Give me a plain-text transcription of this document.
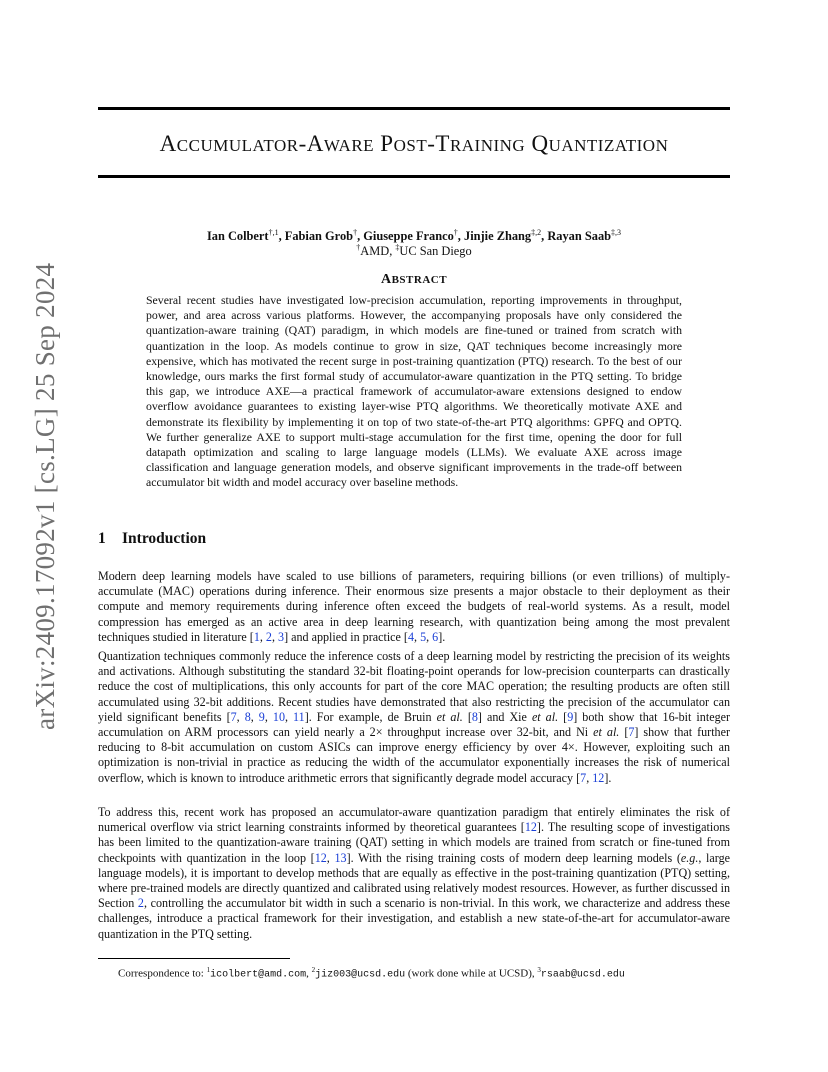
ACCUMULATOR-AWARE POST-TRAINING QUANTIZATION
Ian Colbert$^{\dagger,1}$, Fabian Grob†, Giuseppe Franco†, Jinjie Zhang$^{\ddagger,2}$, Rayan Saab$^{\ddagger,3}$
†AMD, ‡UC San Diego
ABSTRACT
Several recent studies have investigated low-precision accumulation, reporting improvements in throughput, power, and area across various platforms. However, the accompanying proposals have only considered the quantization-aware training (QAT) paradigm, in which models are fine-tuned or trained from scratch with quantization in the loop. As models continue to grow in size, QAT techniques become increasingly more expensive, which has motivated the recent surge in post-training quantization (PTQ) research. To the best of our knowledge, ours marks the first formal study of accumulator-aware quantization in the PTQ setting. To bridge this gap, we introduce AXE—a practical framework of accumulator-aware extensions designed to endow overflow avoidance guarantees to existing layer-wise PTQ algorithms. We theoretically motivate AXE and demonstrate its flexibility by implementing it on top of two state-of-the-art PTQ algorithms: GPFQ and OPTQ. We further generalize AXE to support multi-stage accumulation for the first time, opening the door for full datapath optimization and scaling to large language models (LLMs). We evaluate AXE across image classification and language generation models, and observe significant improvements in the trade-off between accumulator bit width and model accuracy over baseline methods.
1 Introduction
Modern deep learning models have scaled to use billions of parameters, requiring billions (or even trillions) of multiply-accumulate (MAC) operations during inference. Their enormous size presents a major obstacle to their deployment as their compute and memory requirements during inference often exceed the budgets of real-world systems. As a result, model compression has emerged as an active area in deep learning research, with quantization being among the most prevalent techniques studied in literature [1, 2, 3] and applied in practice [4, 5, 6].
Quantization techniques commonly reduce the inference costs of a deep learning model by restricting the precision of its weights and activations. Although substituting the standard 32-bit floating-point operands for low-precision counterparts can drastically reduce the cost of multiplications, this only accounts for part of the core MAC operation; the resulting products are often still accumulated using 32-bit additions. Recent studies have demonstrated that also restricting the precision of the accumulator can yield significant benefits [7, 8, 9, 10, 11]. For example, de Bruin et al. [8] and Xie et al. [9] both show that 16-bit integer accumulation on ARM processors can yield nearly a 2× throughput increase over 32-bit, and Ni et al. [7] show that further reducing to 8-bit accumulation on custom ASICs can improve energy efficiency by over 4×. However, exploiting such an optimization is non-trivial in practice as reducing the width of the accumulator exponentially increases the risk of numerical overflow, which is known to introduce arithmetic errors that significantly degrade model accuracy [7, 12].
To address this, recent work has proposed an accumulator-aware quantization paradigm that entirely eliminates the risk of numerical overflow via strict learning constraints informed by theoretical guarantees [12]. The resulting scope of investigations has been limited to the quantization-aware training (QAT) setting in which models are trained from scratch or fine-tuned from checkpoints with quantization in the loop [12, 13]. With the rising training costs of modern deep learning models (e.g., large language models), it is important to develop methods that are equally as effective in the post-training quantization (PTQ) setting, where pre-trained models are directly quantized and calibrated using relatively modest resources. However, as further discussed in Section 2, controlling the accumulator bit width in such a scenario is non-trivial. In this work, we characterize and address these challenges, introduce a practical framework for their investigation, and establish a new state-of-the-art for accumulator-aware quantization in the PTQ setting.
Correspondence to: $^1$icolbert@amd.com, $^2$jiz003@ucsd.edu (work done while at UCSD), $^3$rsaab@ucsd.edu
arXiv:2409.17092v1 [cs.LG] 25 Sep 2024
